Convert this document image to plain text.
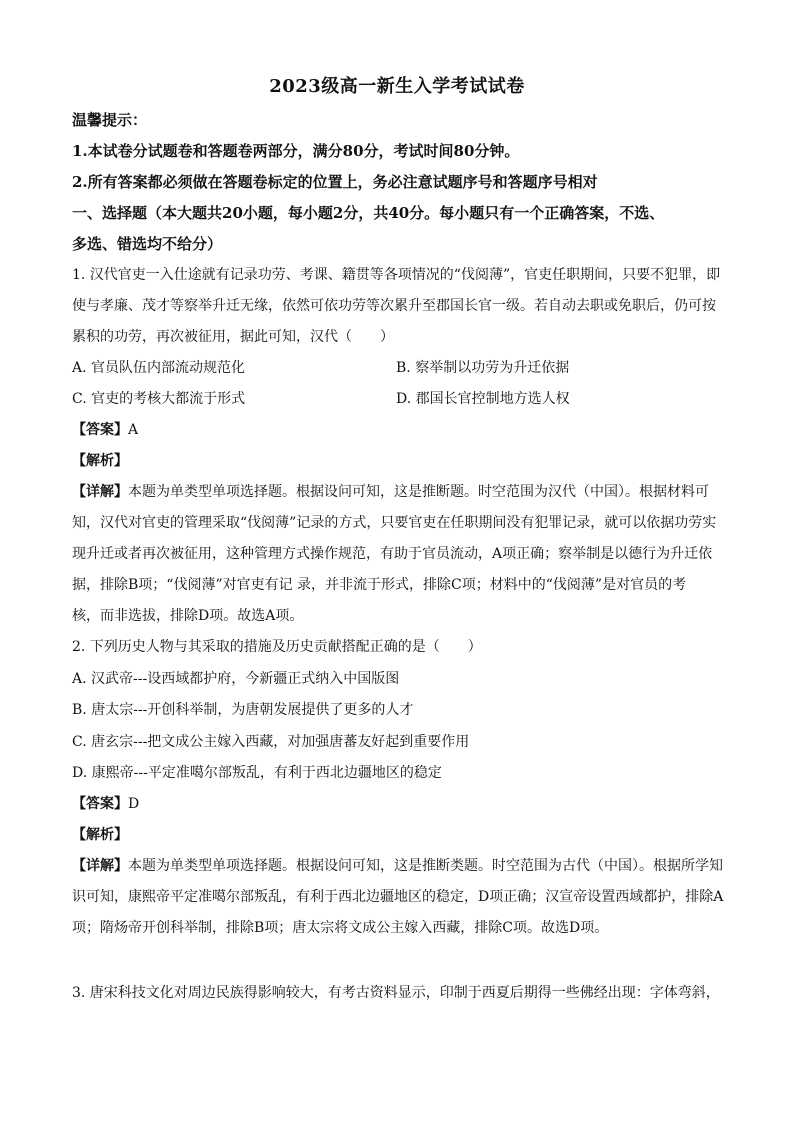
2023级高一新生入学考试试卷
温馨提示：
1.本试卷分试题卷和答题卷两部分，满分80分，考试时间80分钟。
2.所有答案都必须做在答题卷标定的位置上，务必注意试题序号和答题序号相对
一、选择题（本大题共20小题，每小题2分，共40分。每小题只有一个正确答案，不选、
多选、错选均不给分）
1. 汉代官吏一入仕途就有记录功劳、考课、籍贯等各项情况的“伐阅薄”，官吏任职期间，只要不犯罪，即
使与孝廉、茂才等察举升迁无缘，依然可依功劳等次累升至郡国长官一级。若自动去职或免职后，仍可按
累积的功劳，再次被征用，据此可知，汉代（　　）
A. 官员队伍内部流动规范化	B. 察举制以功劳为升迁依据
C. 官吏的考核大都流于形式	D. 郡国长官控制地方选人权
【答案】A
【解析】
【详解】本题为单类型单项选择题。根据设问可知，这是推断题。时空范围为汉代（中国）。根据材料可
知，汉代对官吏的管理采取“伐阅薄”记录的方式，只要官吏在任职期间没有犯罪记录，就可以依据功劳实
现升迁或者再次被征用，这种管理方式操作规范，有助于官员流动，A项正确；察举制是以德行为升迁依
据，排除B项；“伐阅薄”对官吏有记 录，并非流于形式，排除C项；材料中的“伐阅薄”是对官员的考
核，而非选拔，排除D项。故选A项。
2. 下列历史人物与其采取的措施及历史贡献搭配正确的是（　　）
A. 汉武帝---设西域都护府，今新疆正式纳入中国版图
B. 唐太宗---开创科举制，为唐朝发展提供了更多的人才
C. 唐玄宗---把文成公主嫁入西藏，对加强唐蕃友好起到重要作用
D. 康熙帝---平定准噶尔部叛乱，有利于西北边疆地区的稳定
【答案】D
【解析】
【详解】本题为单类型单项选择题。根据设问可知，这是推断类题。时空范围为古代（中国）。根据所学知
识可知，康熙帝平定准噶尔部叛乱，有利于西北边疆地区的稳定，D项正确；汉宣帝设置西域都护，排除A
项；隋炀帝开创科举制，排除B项；唐太宗将文成公主嫁入西藏，排除C项。故选D项。
3. 唐宋科技文化对周边民族得影响较大，有考古资料显示，印制于西夏后期得一些佛经出现：字体弯斜，
